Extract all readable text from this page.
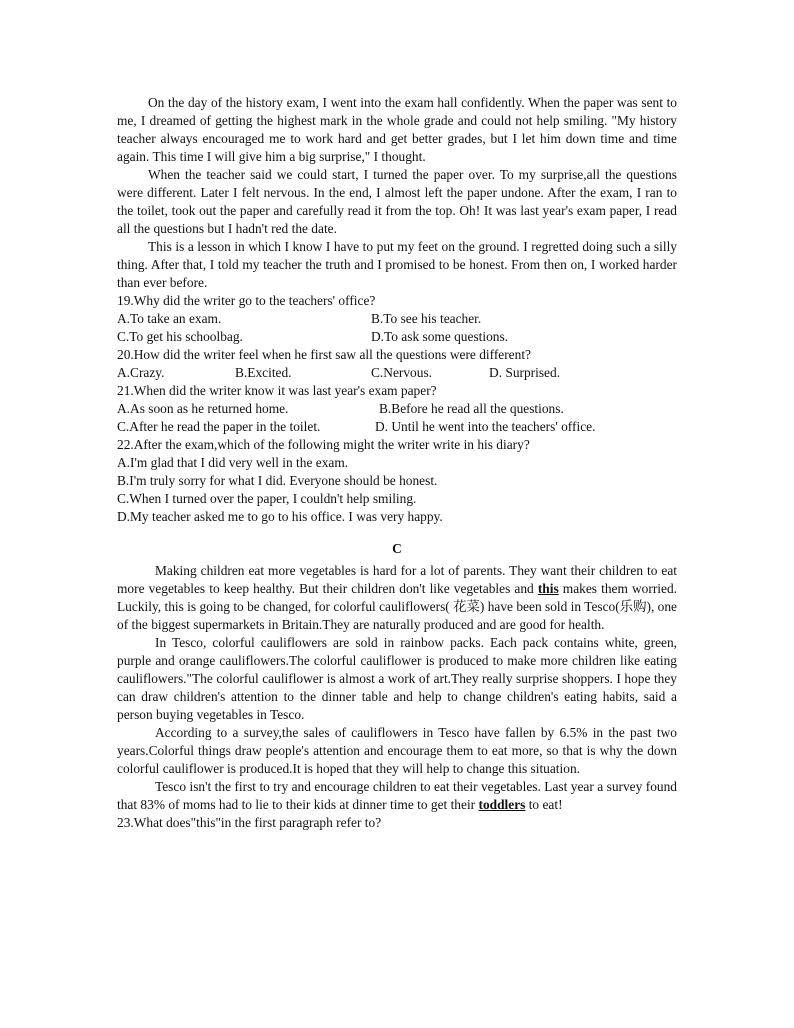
On the day of the history exam, I went into the exam hall confidently. When the paper was sent to me, I dreamed of getting the highest mark in the whole grade and could not help smiling. "My history teacher always encouraged me to work hard and get better grades, but I let him down time and time again. This time I will give him a big surprise," I thought.

When the teacher said we could start, I turned the paper over. To my surprise,all the questions were different. Later I felt nervous. In the end, I almost left the paper undone. After the exam, I ran to the toilet, took out the paper and carefully read it from the top. Oh! It was last year's exam paper, I read all the questions but I hadn't red the date.

This is a lesson in which I know I have to put my feet on the ground. I regretted doing such a silly thing. After that, I told my teacher the truth and I promised to be honest. From then on, I worked harder than ever before.

19.Why did the writer go to the teachers' office?

A.To take an exam.	B.To see his teacher.

C.To get his schoolbag.	D.To ask some questions.

20.How did the writer feel when he first saw all the questions were different?

A.Crazy.	B.Excited.	C.Nervous.	D. Surprised.

21.When did the writer know it was last year's exam paper?

A.As soon as he returned home.	B.Before he read all the questions.

C.After he read the paper in the toilet.	D. Until he went into the teachers' office.

22.After the exam,which of the following might the writer write in his diary?

A.I'm glad that I did very well in the exam.

B.I'm truly sorry for what I did. Everyone should be honest.

C.When I turned over the paper, I couldn't help smiling.

D.My teacher asked me to go to his office. I was very happy.

C

Making children eat more vegetables is hard for a lot of parents. They want their children to eat more vegetables to keep healthy. But their children don't like vegetables and this makes them worried. Luckily, this is going to be changed, for colorful cauliflowers( 花菜) have been sold in Tesco(乐购), one of the biggest supermarkets in Britain.They are naturally produced and are good for health.

In Tesco, colorful cauliflowers are sold in rainbow packs. Each pack contains white, green, purple and orange cauliflowers.The colorful cauliflower is produced to make more children like eating cauliflowers."The colorful cauliflower is almost a work of art.They really surprise shoppers. I hope they can draw children's attention to the dinner table and help to change children's eating habits, said a person buying vegetables in Tesco.

According to a survey,the sales of cauliflowers in Tesco have fallen by 6.5% in the past two years.Colorful things draw people's attention and encourage them to eat more, so that is why the down colorful cauliflower is produced.It is hoped that they will help to change this situation.

Tesco isn't the first to try and encourage children to eat their vegetables. Last year a survey found that 83% of moms had to lie to their kids at dinner time to get their toddlers to eat!

23.What does"this"in the first paragraph refer to?
